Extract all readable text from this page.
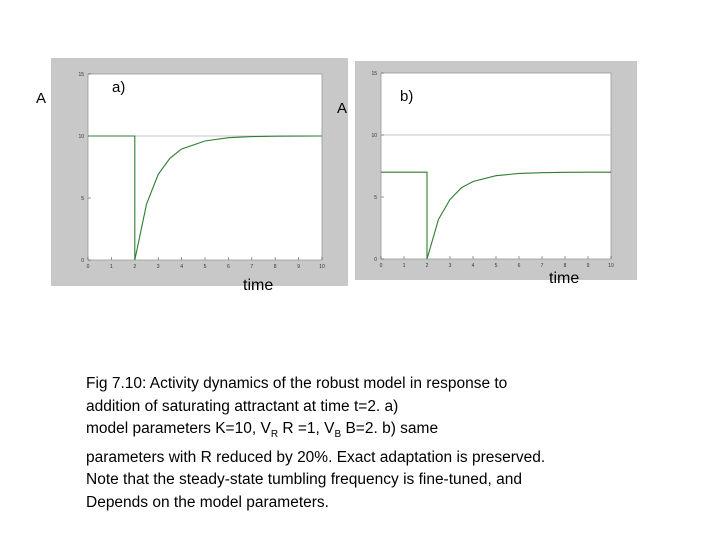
0	1	2	3	4	5	6	7	8	9	10
0
5
10
15
0	1	2	3	4	5	6	7	8	9	10
0
5
10
15
A
a)
time
A
b)
time
Fig 7.10: Activity dynamics of the robust model in response to
addition of saturating attractant at time t=2. a)
model parameters K=10, $V_R$ R =1, $V_B$ B=2. b) same
parameters with R reduced by 20%. Exact adaptation is preserved.
Note that the steady-state tumbling frequency is fine-tuned, and
Depends on the model parameters.
